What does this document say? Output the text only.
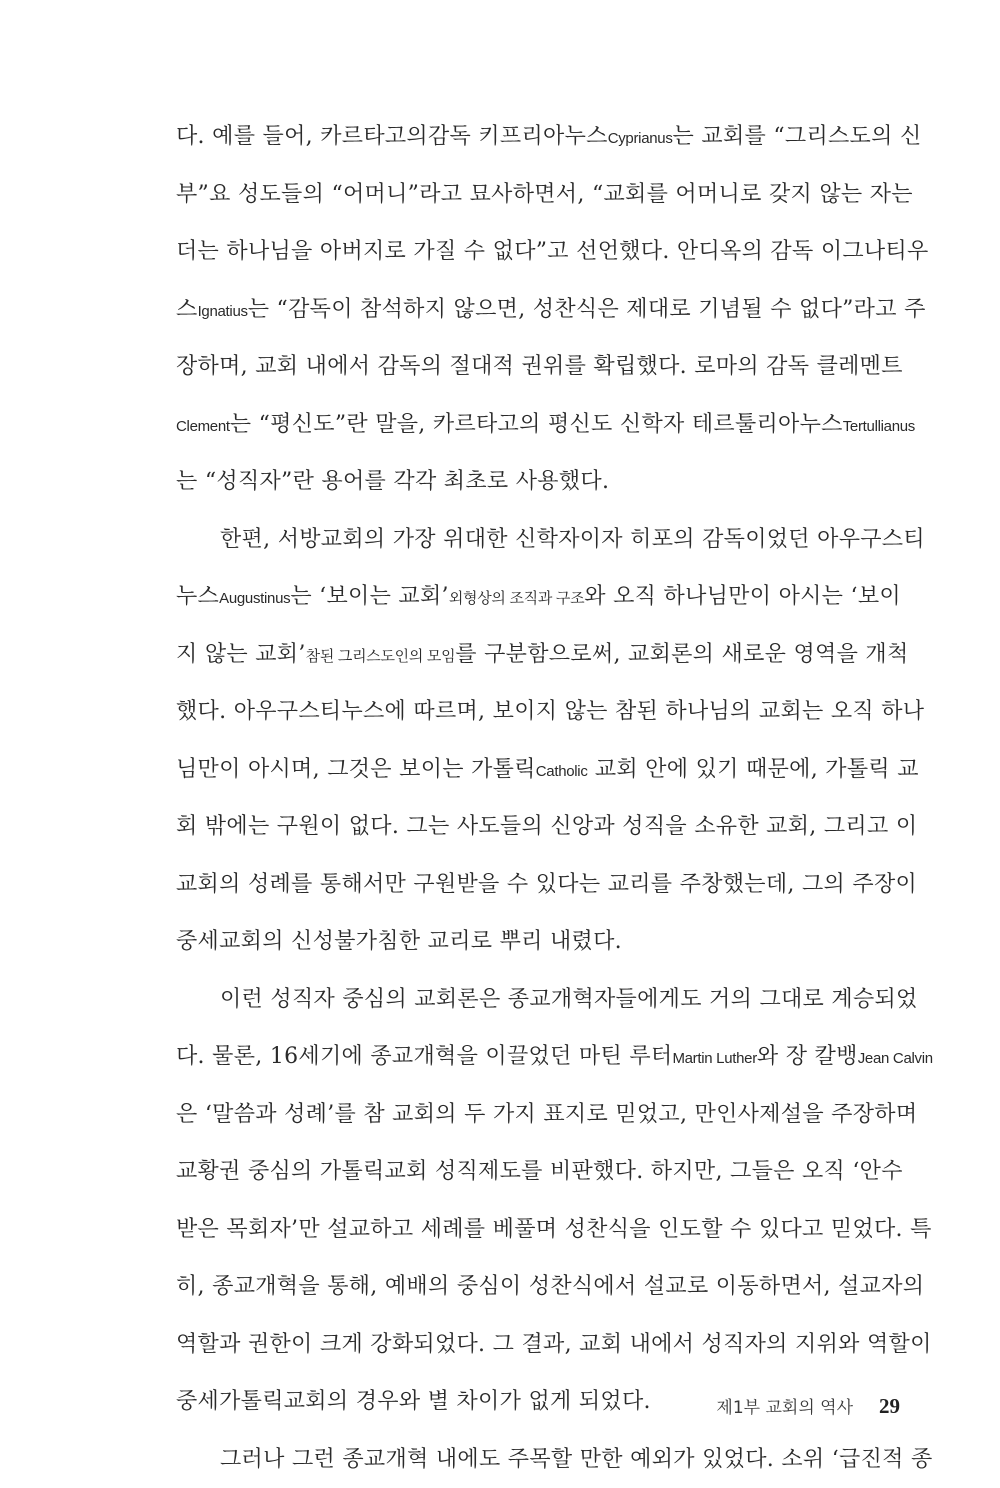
다. 예를 들어, 카르타고의감독 키프리아누스Cyprianus는 교회를 “그리스도의 신
부”요 성도들의 “어머니”라고 묘사하면서, “교회를 어머니로 갖지 않는 자는
더는 하나님을 아버지로 가질 수 없다”고 선언했다. 안디옥의 감독 이그나티우
스Ignatius는 “감독이 참석하지 않으면, 성찬식은 제대로 기념될 수 없다”라고 주
장하며, 교회 내에서 감독의 절대적 권위를 확립했다. 로마의 감독 클레멘트
Clement는 “평신도”란 말을, 카르타고의 평신도 신학자 테르툴리아누스Tertullianus
는 “성직자”란 용어를 각각 최초로 사용했다.
한편, 서방교회의 가장 위대한 신학자이자 히포의 감독이었던 아우구스티
누스Augustinus는 ‘보이는 교회’외형상의 조직과 구조와 오직 하나님만이 아시는 ‘보이
지 않는 교회’참된 그리스도인의 모임를 구분함으로써, 교회론의 새로운 영역을 개척
했다. 아우구스티누스에 따르며, 보이지 않는 참된 하나님의 교회는 오직 하나
님만이 아시며, 그것은 보이는 가톨릭Catholic 교회 안에 있기 때문에, 가톨릭 교
회 밖에는 구원이 없다. 그는 사도들의 신앙과 성직을 소유한 교회, 그리고 이
교회의 성례를 통해서만 구원받을 수 있다는 교리를 주창했는데, 그의 주장이
중세교회의 신성불가침한 교리로 뿌리 내렸다.
이런 성직자 중심의 교회론은 종교개혁자들에게도 거의 그대로 계승되었
다. 물론, 16세기에 종교개혁을 이끌었던 마틴 루터Martin Luther와 장 칼뱅Jean Calvin
은 ‘말씀과 성례’를 참 교회의 두 가지 표지로 믿었고, 만인사제설을 주장하며
교황권 중심의 가톨릭교회 성직제도를 비판했다. 하지만, 그들은 오직 ‘안수
받은 목회자’만 설교하고 세례를 베풀며 성찬식을 인도할 수 있다고 믿었다. 특
히, 종교개혁을 통해, 예배의 중심이 성찬식에서 설교로 이동하면서, 설교자의
역할과 권한이 크게 강화되었다. 그 결과, 교회 내에서 성직자의 지위와 역할이
중세가톨릭교회의 경우와 별 차이가 없게 되었다.
그러나 그런 종교개혁 내에도 주목할 만한 예외가 있었다. 소위 ‘급진적 종
제1부 교회의 역사 29
